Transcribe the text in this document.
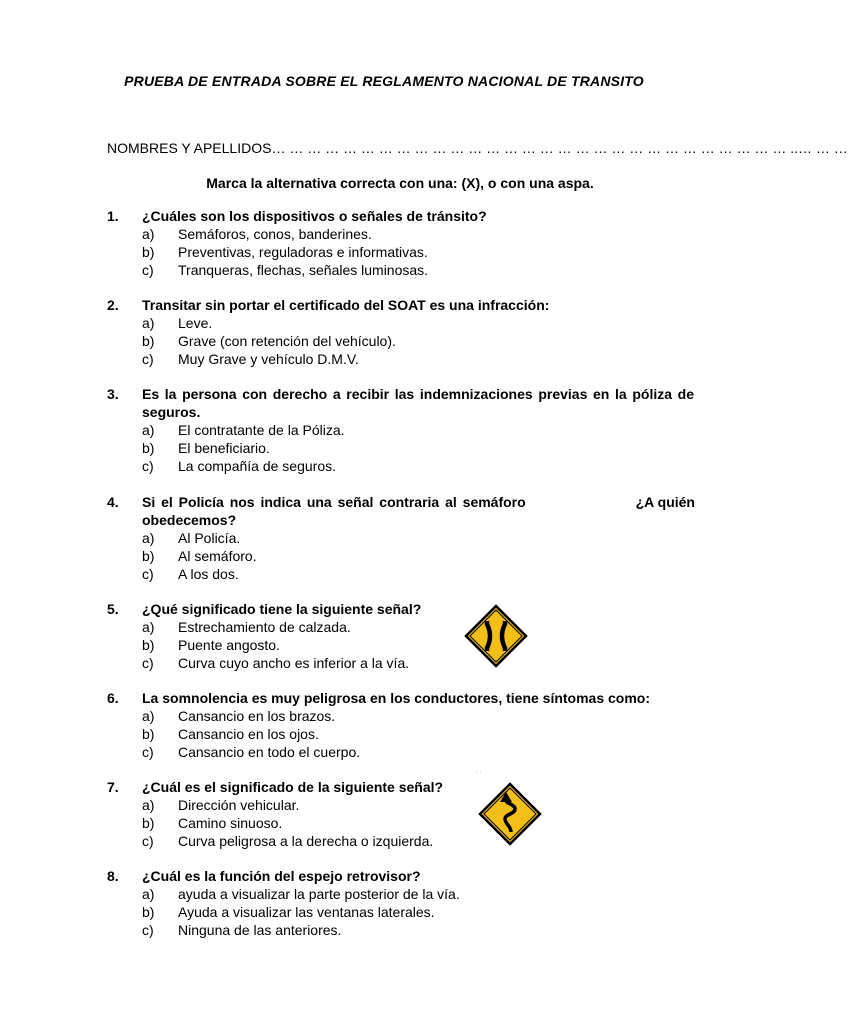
PRUEBA DE ENTRADA SOBRE EL REGLAMENTO NACIONAL DE TRANSITO
NOMBRES Y APELLIDOS… … … … … … … … … … … … … … … … … … … … … … … … … … … … … ..… … …
Marca la alternativa correcta con una: (X), o con una aspa.
1. ¿Cuáles son los dispositivos o señales de tránsito?
a) Semáforos, conos, banderines.
b) Preventivas, reguladoras e informativas.
c) Tranqueras, flechas, señales luminosas.
2. Transitar sin portar el certificado del SOAT es una infracción:
a) Leve.
b) Grave (con retención del vehículo).
c) Muy Grave y vehículo D.M.V.
3. Es la persona con derecho a recibir las indemnizaciones previas en la póliza de seguros.
a) El contratante de la Póliza.
b) El beneficiario.
c) La compañía de seguros.
4. Si el Policía nos indica una señal contraria al semáforo	¿A quién
obedecemos?
a) Al Policía.
b) Al semáforo.
c) A los dos.
5. ¿Qué significado tiene la siguiente señal?
a) Estrechamiento de calzada.
b) Puente angosto.
c) Curva cuyo ancho es inferior a la vía.
6. La somnolencia es muy peligrosa en los conductores, tiene síntomas como:
a) Cansancio en los brazos.
b) Cansancio en los ojos.
c) Cansancio en todo el cuerpo.
7. ¿Cuál es el significado de la siguiente señal?
a) Dirección vehicular.
b) Camino sinuoso.
c) Curva peligrosa a la derecha o izquierda.
· ·
8. ¿Cuál es la función del espejo retrovisor?
a) ayuda a visualizar la parte posterior de la vía.
b) Ayuda a visualizar las ventanas laterales.
c) Ninguna de las anteriores.
